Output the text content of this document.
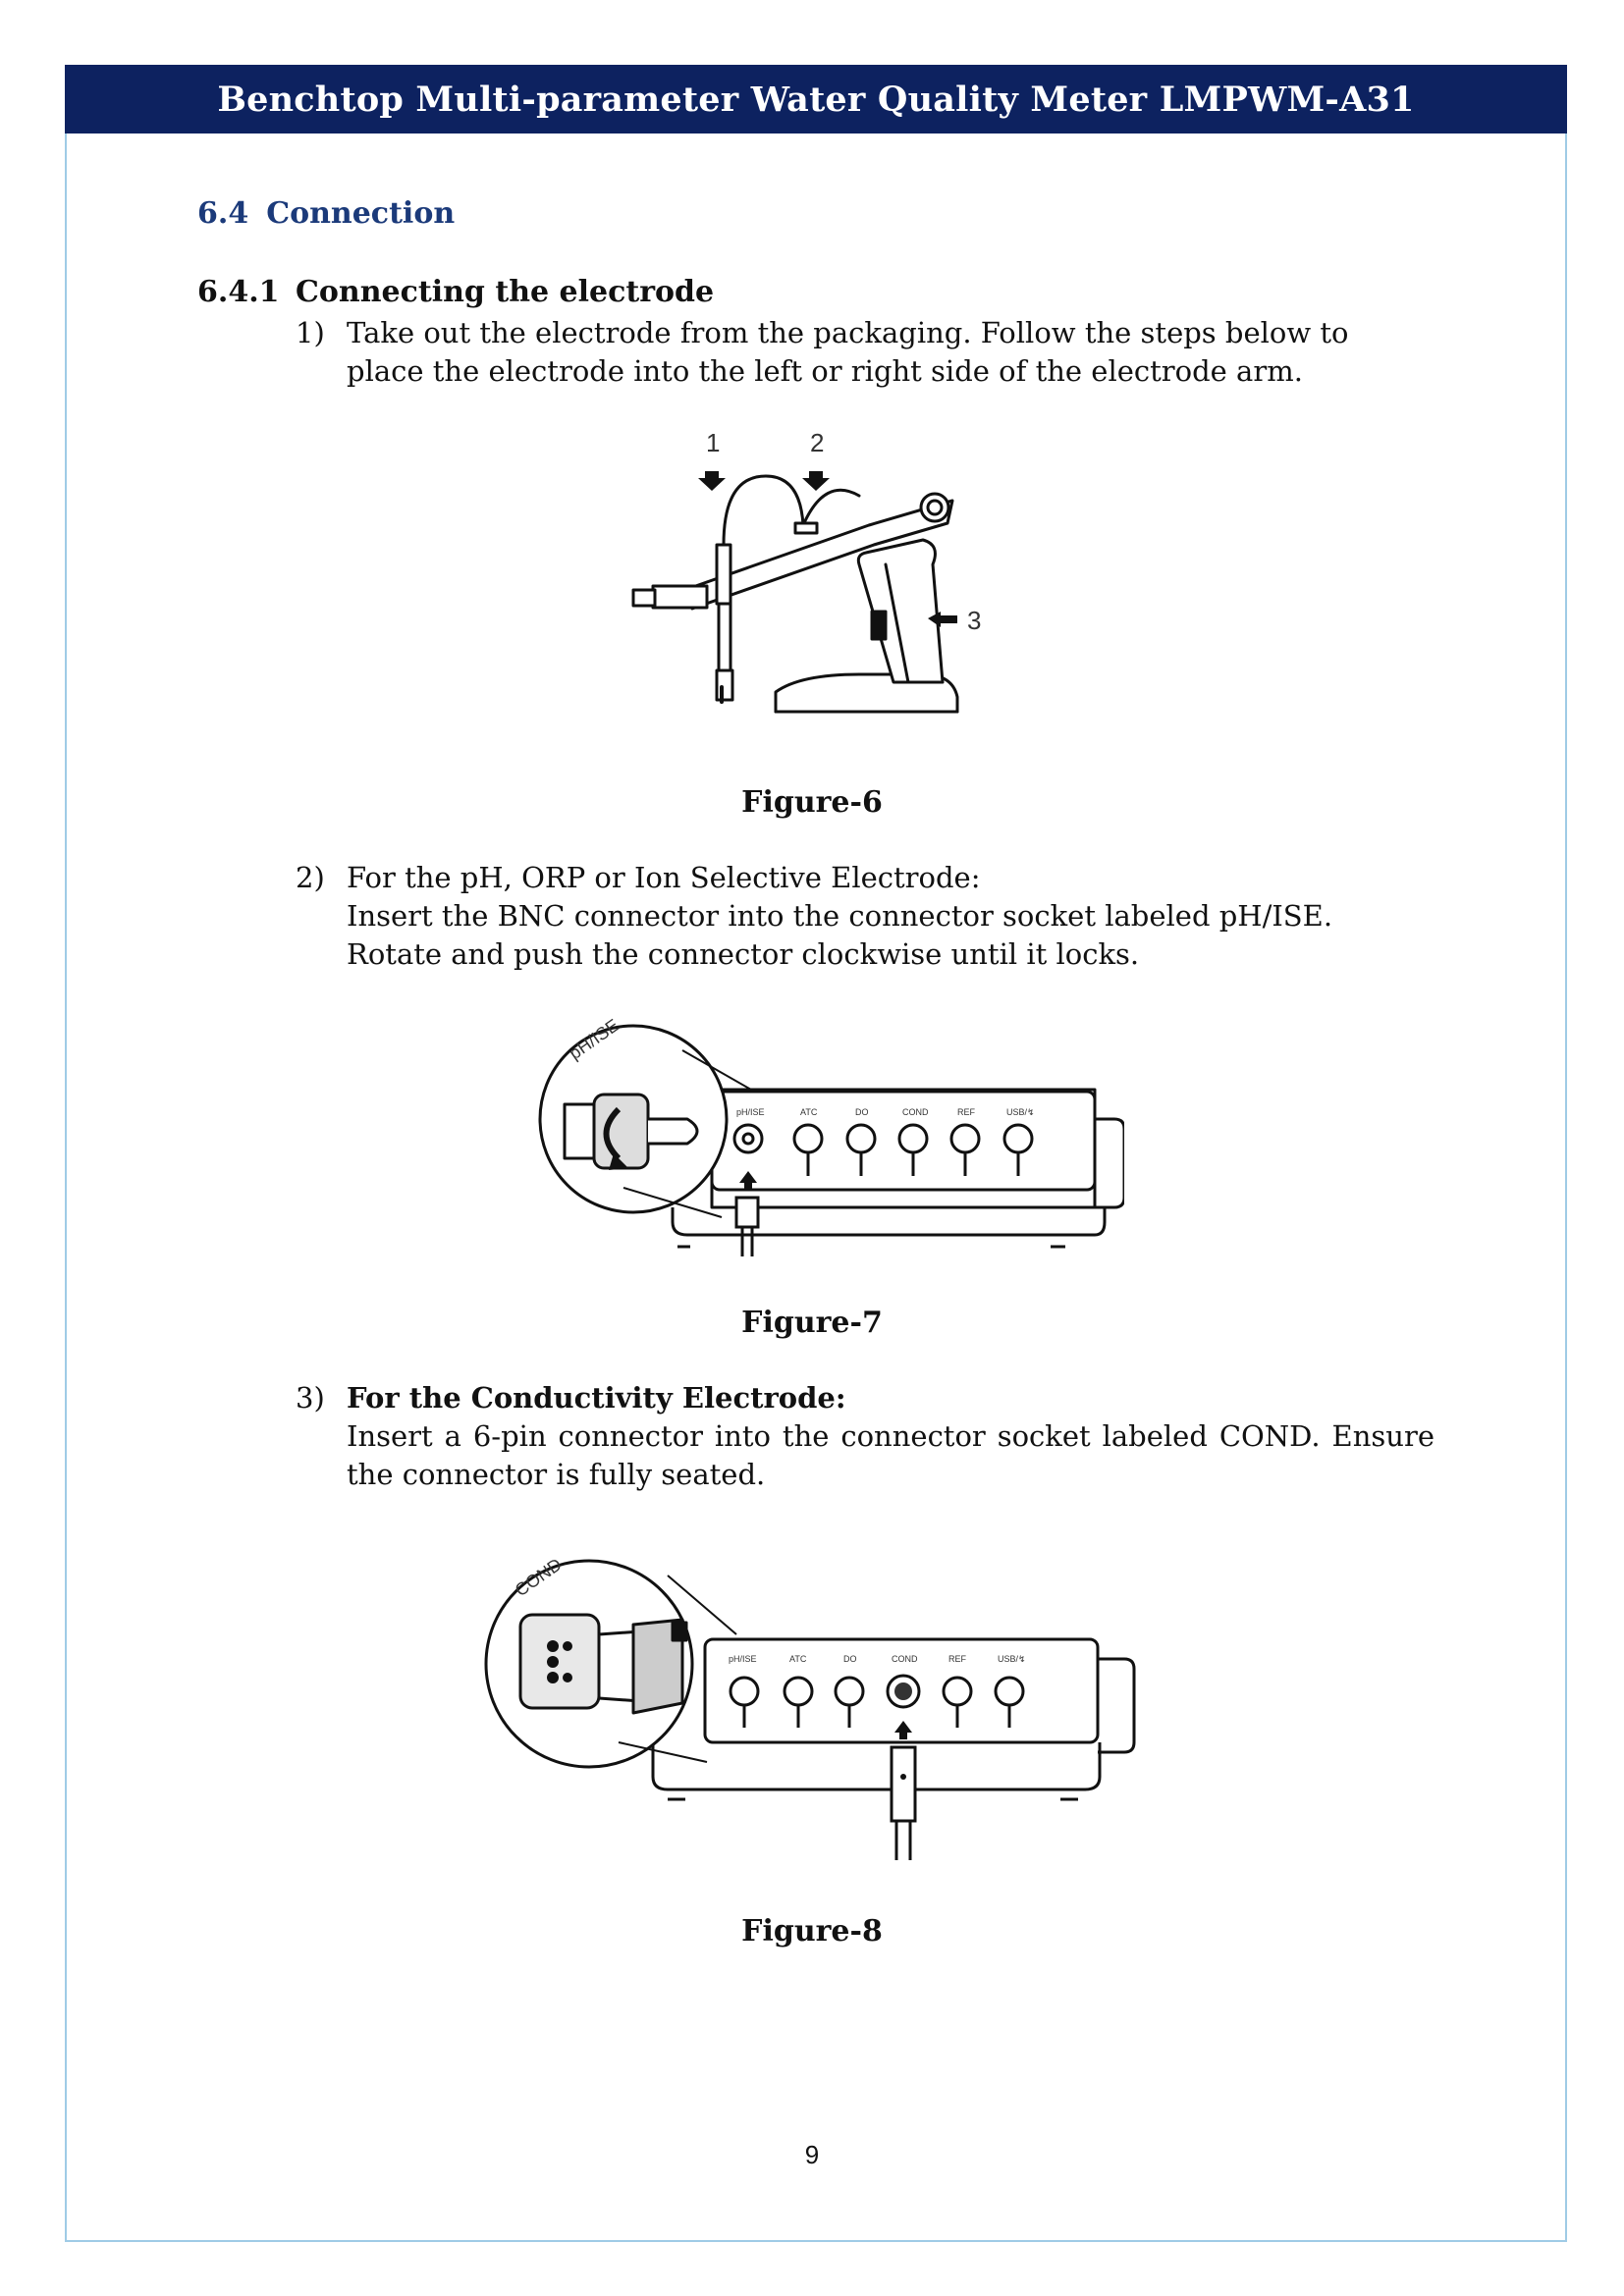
Benchtop Multi-parameter Water Quality Meter LMPWM-A31
6.4 Connection
6.4.1 Connecting the electrode
1) Take out the electrode from the packaging. Follow the steps below to place the electrode into the left or right side of the electrode arm.
1	2
3
Figure-6
2) For the pH, ORP or Ion Selective Electrode:
Insert the BNC connector into the connector socket labeled pH/ISE. Rotate and push the connector clockwise until it locks.
pH/ISE
pH/ISE	ATC	DO	COND	REF	USB/↯
Figure-7
3) For the Conductivity Electrode:
Insert a 6-pin connector into the connector socket labeled COND. Ensure the connector is fully seated.
COND
pH/ISE	ATC	DO	COND	REF	USB/↯
Figure-8
9
